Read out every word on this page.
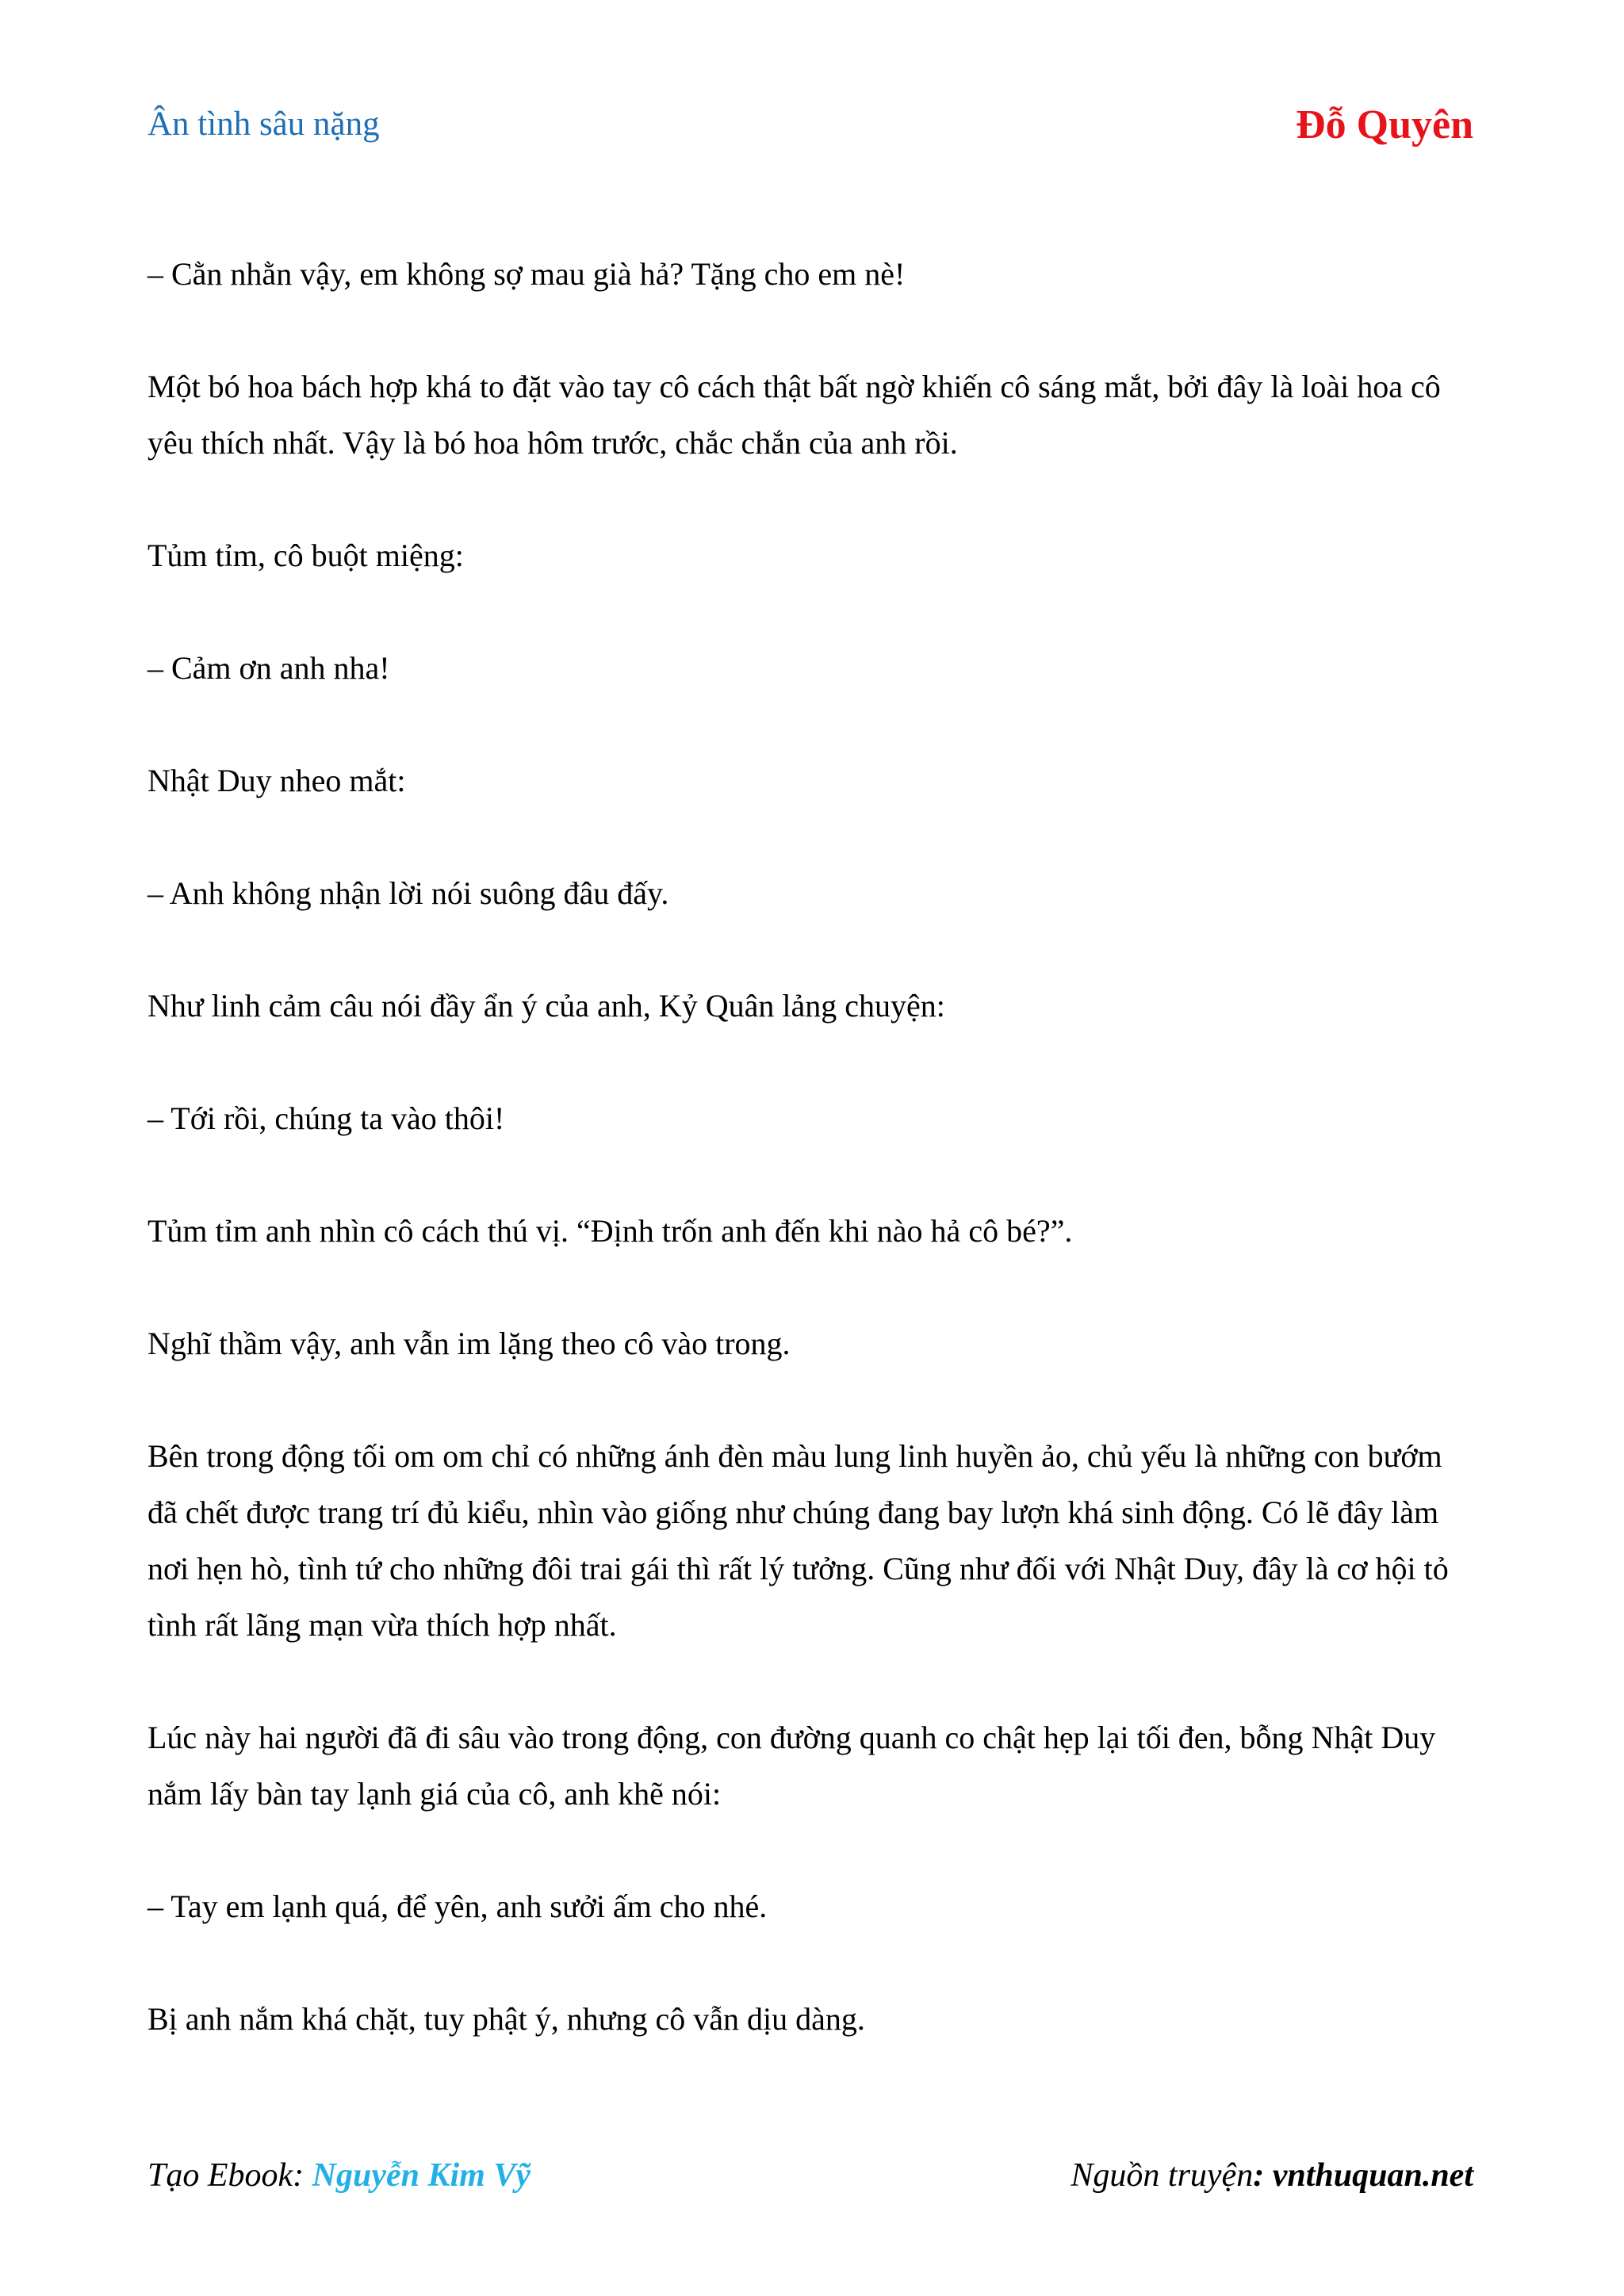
Ân tình sâu nặng	Đỗ Quyên

– Cằn nhằn vậy, em không sợ mau già hả? Tặng cho em nè!

Một bó hoa bách hợp khá to đặt vào tay cô cách thật bất ngờ khiến cô sáng mắt, bởi đây là loài hoa cô yêu thích nhất. Vậy là bó hoa hôm trước, chắc chắn của anh rồi.

Tủm tỉm, cô buột miệng:

– Cảm ơn anh nha!

Nhật Duy nheo mắt:

– Anh không nhận lời nói suông đâu đấy.

Như linh cảm câu nói đầy ẩn ý của anh, Kỷ Quân lảng chuyện:

– Tới rồi, chúng ta vào thôi!

Tủm tỉm anh nhìn cô cách thú vị. “Định trốn anh đến khi nào hả cô bé?”.

Nghĩ thầm vậy, anh vẫn im lặng theo cô vào trong.

Bên trong động tối om om chỉ có những ánh đèn màu lung linh huyền ảo, chủ yếu là những con bướm đã chết được trang trí đủ kiểu, nhìn vào giống như chúng đang bay lượn khá sinh động. Có lẽ đây làm nơi hẹn hò, tình tứ cho những đôi trai gái thì rất lý tưởng. Cũng như đối với Nhật Duy, đây là cơ hội tỏ tình rất lãng mạn vừa thích hợp nhất.

Lúc này hai người đã đi sâu vào trong động, con đường quanh co chật hẹp lại tối đen, bỗng Nhật Duy nắm lấy bàn tay lạnh giá của cô, anh khẽ nói:

– Tay em lạnh quá, để yên, anh sưởi ấm cho nhé.

Bị anh nắm khá chặt, tuy phật ý, nhưng cô vẫn dịu dàng.

Tạo Ebook: Nguyễn Kim Vỹ	Nguồn truyện: vnthuquan.net
